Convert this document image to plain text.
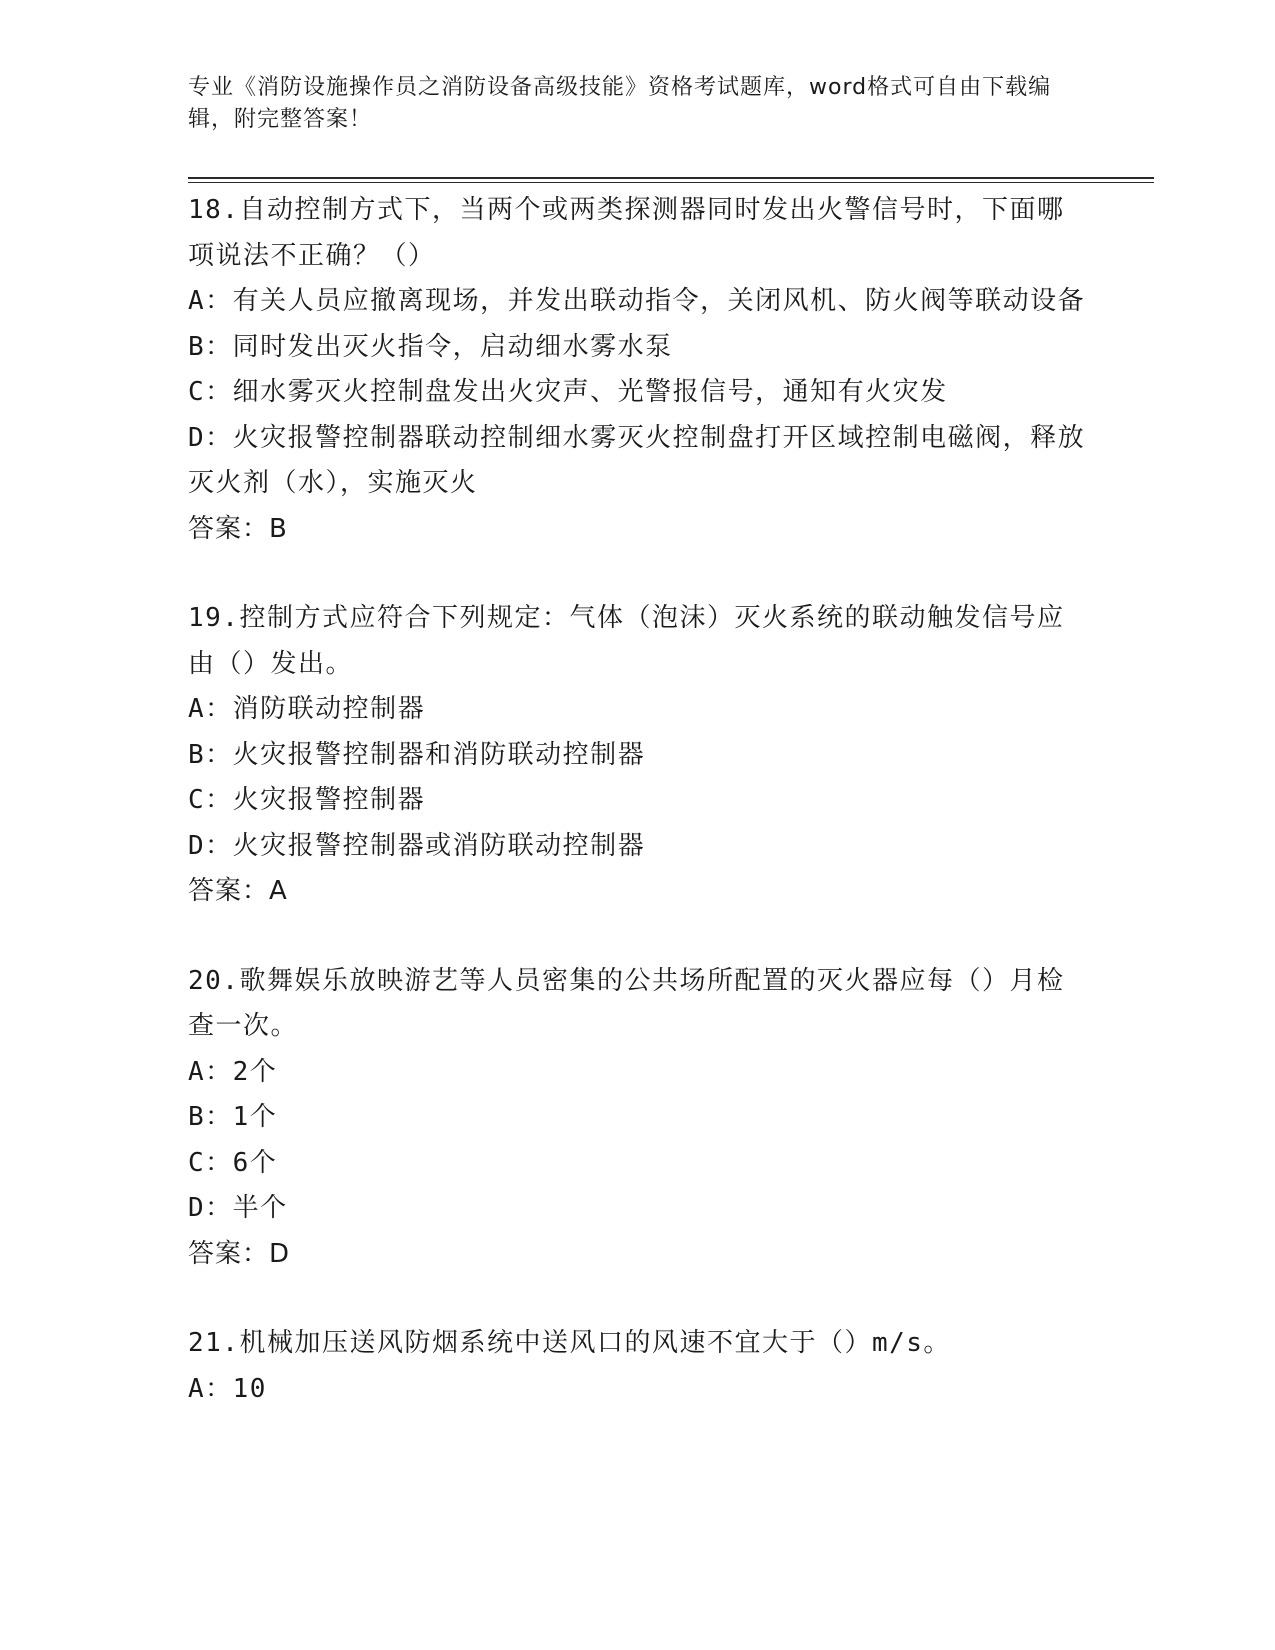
专业《消防设施操作员之消防设备高级技能》资格考试题库，word格式可自由下载编辑，附完整答案！

18.自动控制方式下，当两个或两类探测器同时发出火警信号时，下面哪项说法不正确？（）

A：有关人员应撤离现场，并发出联动指令，关闭风机、防火阀等联动设备

B：同时发出灭火指令，启动细水雾水泵

C：细水雾灭火控制盘发出火灾声、光警报信号，通知有火灾发

D：火灾报警控制器联动控制细水雾灭火控制盘打开区域控制电磁阀，释放灭火剂（水），实施灭火

答案：B

19.控制方式应符合下列规定：气体（泡沫）灭火系统的联动触发信号应由（）发出。

A：消防联动控制器

B：火灾报警控制器和消防联动控制器

C：火灾报警控制器

D：火灾报警控制器或消防联动控制器

答案：A

20.歌舞娱乐放映游艺等人员密集的公共场所配置的灭火器应每（）月检查一次。

A：2个

B：1个

C：6个

D：半个

答案：D

21.机械加压送风防烟系统中送风口的风速不宜大于（）m/s。

A：10
